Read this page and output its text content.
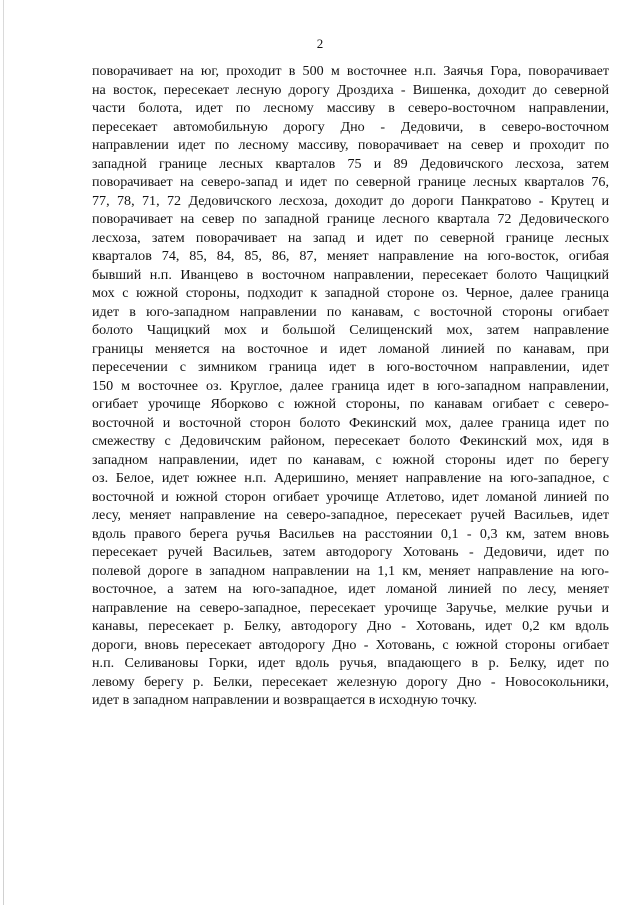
2
поворачивает на юг, проходит в 500 м восточнее н.п. Заячья Гора, поворачивает
на восток, пересекает лесную дорогу Дроздиха - Вишенка, доходит до северной
части болота, идет по лесному массиву в северо-восточном направлении,
пересекает автомобильную дорогу Дно - Дедовичи, в северо-восточном
направлении идет по лесному массиву, поворачивает на север и проходит по
западной границе лесных кварталов 75 и 89 Дедовичского лесхоза, затем
поворачивает на северо-запад и идет по северной границе лесных кварталов 76,
77, 78, 71, 72 Дедовичского лесхоза, доходит до дороги Панкратово - Крутец и
поворачивает на север по западной границе лесного квартала 72 Дедовического
лесхоза, затем поворачивает на запад и идет по северной границе лесных
кварталов 74, 85, 84, 85, 86, 87, меняет направление на юго-восток, огибая
бывший н.п. Иванцево в восточном направлении, пересекает болото Чащицкий
мох с южной стороны, подходит к западной стороне оз. Черное, далее граница
идет в юго-западном направлении по канавам, с восточной стороны огибает
болото Чащицкий мох и большой Селищенский мох, затем направление
границы меняется на восточное и идет ломаной линией по канавам, при
пересечении с зимником граница идет в юго-восточном направлении, идет
150 м восточнее оз. Круглое, далее граница идет в юго-западном направлении,
огибает урочище Яборково с южной стороны, по канавам огибает с северо-
восточной и восточной сторон болото Фекинский мох, далее граница идет по
смежеству с Дедовичским районом, пересекает болото Фекинский мох, идя в
западном направлении, идет по канавам, с южной стороны идет по берегу
оз. Белое, идет южнее н.п. Адеришино, меняет направление на юго-западное, с
восточной и южной сторон огибает урочище Атлетово, идет ломаной линией по
лесу, меняет направление на северо-западное, пересекает ручей Васильев, идет
вдоль правого берега ручья Васильев на расстоянии 0,1 - 0,3 км, затем вновь
пересекает ручей Васильев, затем автодорогу Хотовань - Дедовичи, идет по
полевой дороге в западном направлении на 1,1 км, меняет направление на юго-
восточное, а затем на юго-западное, идет ломаной линией по лесу, меняет
направление на северо-западное, пересекает урочище Заручье, мелкие ручьи и
канавы, пересекает р. Белку, автодорогу Дно - Хотовань, идет 0,2 км вдоль
дороги, вновь пересекает автодорогу Дно - Хотовань, с южной стороны огибает
н.п. Селивановы Горки, идет вдоль ручья, впадающего в р. Белку, идет по
левому берегу р. Белки, пересекает железную дорогу Дно - Новосокольники,
идет в западном направлении и возвращается в исходную точку.
